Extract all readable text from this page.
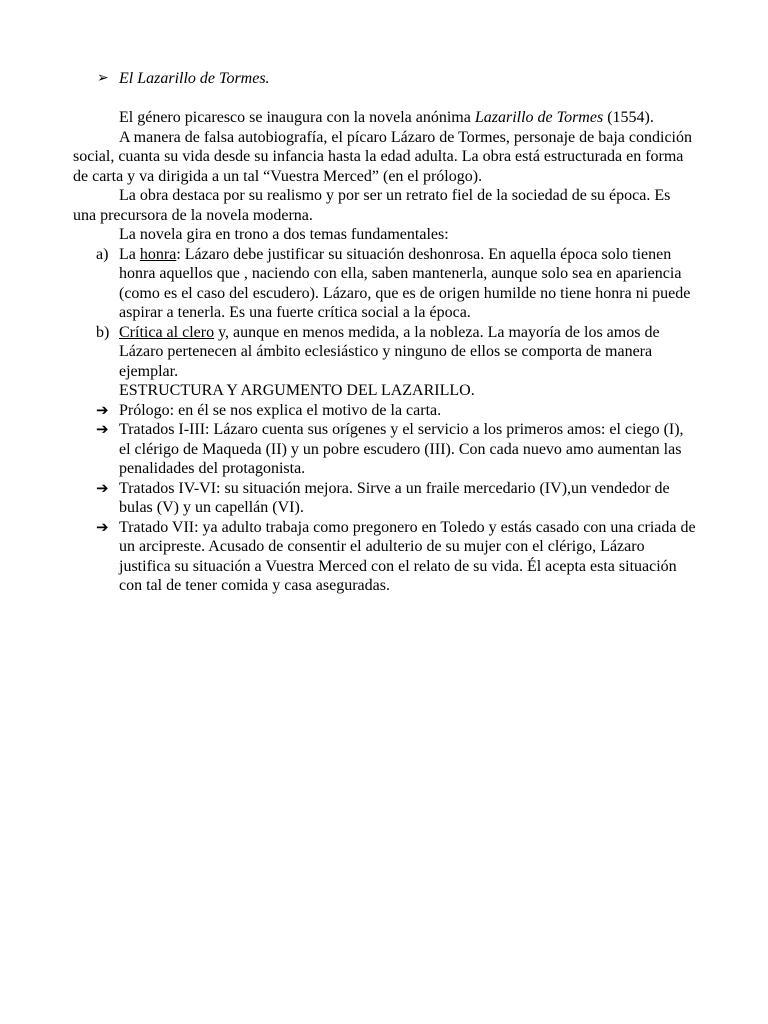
➢ El Lazarillo de Tormes.

El género picaresco se inaugura con la novela anónima Lazarillo de Tormes (1554).

A manera de falsa autobiografía, el pícaro Lázaro de Tormes, personaje de baja condición social, cuanta su vida desde su infancia hasta la edad adulta. La obra está estructurada en forma de carta y va dirigida a un tal “Vuestra Merced” (en el prólogo).

La obra destaca por su realismo y por ser un retrato fiel de la sociedad de su época. Es una precursora de la novela moderna.

La novela gira en trono a dos temas fundamentales:

a) La honra: Lázaro debe justificar su situación deshonrosa. En aquella época solo tienen honra aquellos que , naciendo con ella, saben mantenerla, aunque solo sea en apariencia (como es el caso del escudero). Lázaro, que es de origen humilde no tiene honra ni puede aspirar a tenerla. Es una fuerte crítica social a la época.
b) Crítica al clero y, aunque en menos medida, a la nobleza. La mayoría de los amos de Lázaro pertenecen al ámbito eclesiástico y ninguno de ellos se comporta de manera ejemplar.
ESTRUCTURA Y ARGUMENTO DEL LAZARILLO.
➔ Prólogo: en él se nos explica el motivo de la carta.
➔ Tratados I-III: Lázaro cuenta sus orígenes y el servicio a los primeros amos: el ciego (I), el clérigo de Maqueda (II) y un pobre escudero (III). Con cada nuevo amo aumentan las penalidades del protagonista.
➔ Tratados IV-VI: su situación mejora. Sirve a un fraile mercedario (IV),un vendedor de bulas (V) y un capellán (VI).
➔ Tratado VII: ya adulto trabaja como pregonero en Toledo y estás casado con una criada de un arcipreste. Acusado de consentir el adulterio de su mujer con el clérigo, Lázaro justifica su situación a Vuestra Merced con el relato de su vida. Él acepta esta situación con tal de tener comida y casa aseguradas.
